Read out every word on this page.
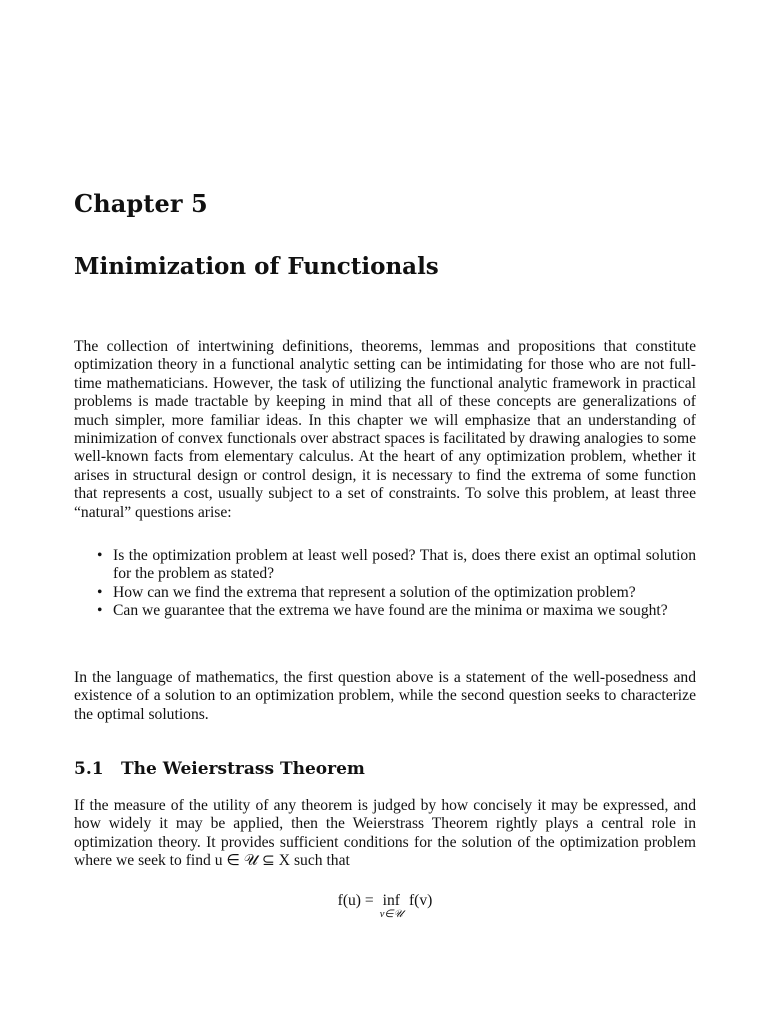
Chapter 5
Minimization of Functionals

The collection of intertwining definitions, theorems, lemmas and propositions that constitute optimization theory in a functional analytic setting can be intimidating for those who are not full-time mathematicians. However, the task of utilizing the functional analytic framework in practical problems is made tractable by keeping in mind that all of these concepts are generalizations of much simpler, more familiar ideas. In this chapter we will emphasize that an understanding of minimization of convex functionals over abstract spaces is facilitated by drawing analogies to some well-known facts from elementary calculus. At the heart of any optimization problem, whether it arises in structural design or control design, it is necessary to find the extrema of some function that represents a cost, usually subject to a set of constraints. To solve this problem, at least three “natural” questions arise:

• Is the optimization problem at least well posed? That is, does there exist an optimal solution for the problem as stated?
• How can we find the extrema that represent a solution of the optimization problem?
• Can we guarantee that the extrema we have found are the minima or maxima we sought?

In the language of mathematics, the first question above is a statement of the well-posedness and existence of a solution to an optimization problem, while the second question seeks to characterize the optimal solutions.

5.1 The Weierstrass Theorem

If the measure of the utility of any theorem is judged by how concisely it may be expressed, and how widely it may be applied, then the Weierstrass Theorem rightly plays a central role in optimization theory. It provides sufficient conditions for the solution of the optimization problem where we seek to find u ∈ 𝒰 ⊆ X such that

f(u) = inf
v∈𝒰
f(v)
